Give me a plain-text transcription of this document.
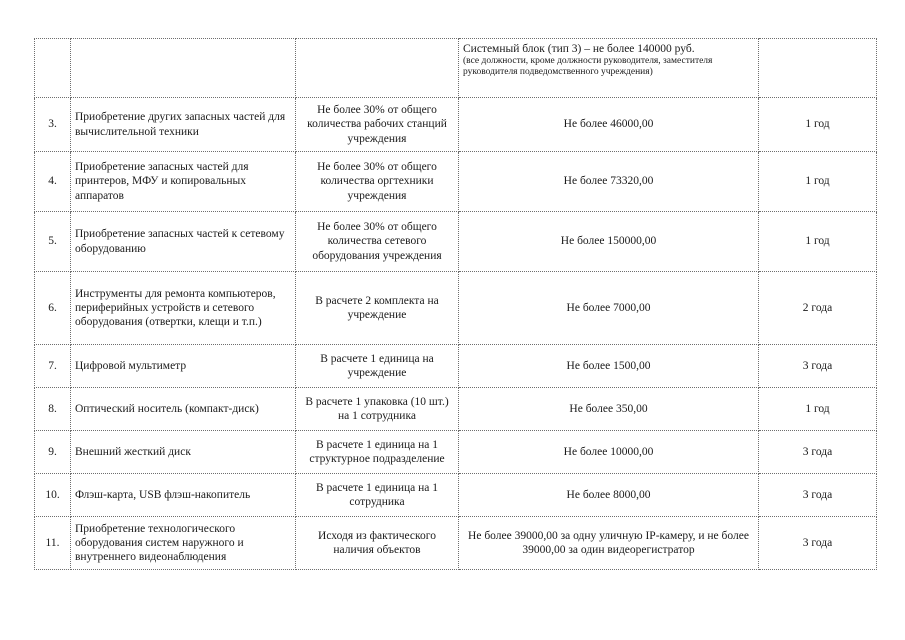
			Системный блок (тип 3) – не более 140000 руб.
(все должности, кроме должности руководителя, заместителя руководителя подведомственного учреждения)	

3.	Приобретение других запасных частей для вычислительной техники	Не более 30% от общего количества рабочих станций учреждения	Не более 46000,00	1 год
4.	Приобретение запасных частей для принтеров, МФУ и копировальных аппаратов	Не более 30% от общего количества оргтехники учреждения	Не более 73320,00	1 год
5.	Приобретение запасных частей к сетевому оборудованию	Не более 30% от общего количества сетевого оборудования учреждения	Не более 150000,00	1 год
6.	Инструменты для ремонта компьютеров, периферийных устройств и сетевого оборудования (отвертки, клещи и т.п.)	В расчете 2 комплекта на учреждение	Не более 7000,00	2 года
7.	Цифровой мультиметр	В расчете 1 единица на учреждение	Не более 1500,00	3 года
8.	Оптический носитель (компакт-диск)	В расчете 1 упаковка (10 шт.) на 1 сотрудника	Не более 350,00	1 год
9.	Внешний жесткий диск	В расчете 1 единица на 1 структурное подразделение	Не более 10000,00	3 года
10.	Флэш-карта, USB флэш-накопитель	В расчете 1 единица на 1 сотрудника	Не более 8000,00	3 года
11.	Приобретение технологического оборудования систем наружного и внутреннего видеонаблюдения	Исходя из фактического наличия объектов	Не более 39000,00 за одну уличную IP-камеру, и не более 39000,00 за один видеорегистратор	3 года
